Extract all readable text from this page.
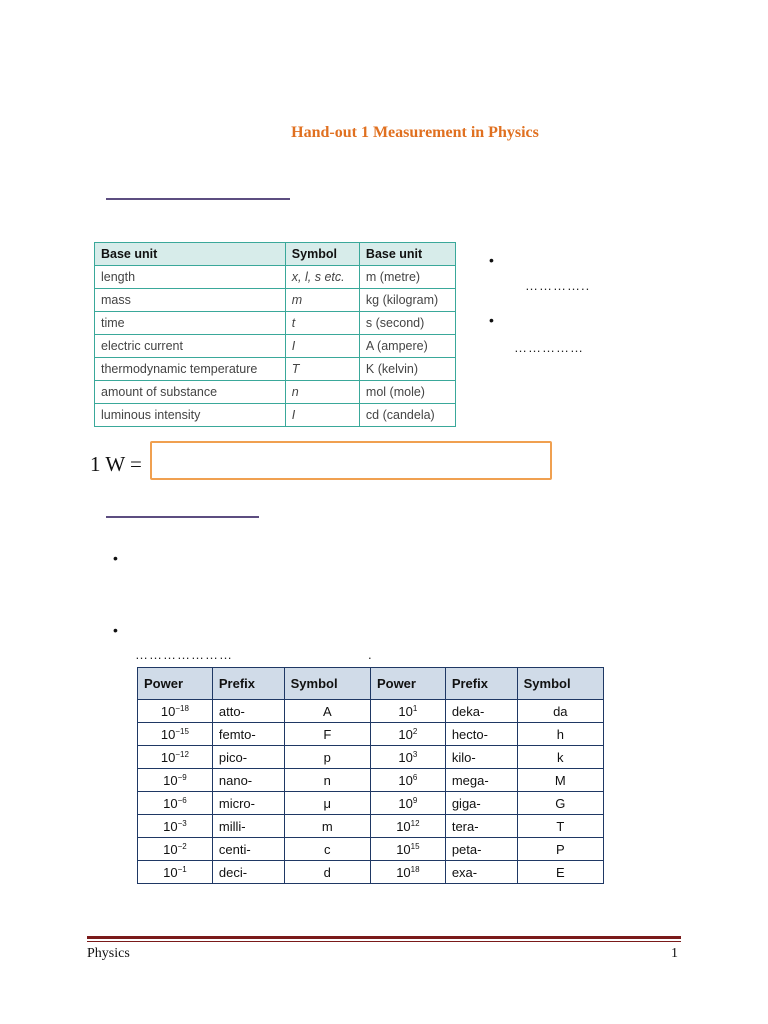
Hand-out 1 Measurement in Physics
Base unit	Symbol	Base unit
length	x, l, s etc.	m (metre)
mass	m	kg (kilogram)
time	t	s (second)
electric current	I	A (ampere)
thermodynamic temperature	T	K (kelvin)
amount of substance	n	mol (mole)
luminous intensity	I	cd (candela)
•
…………..
•
……………
1 W =
•
•
…………………	.
Power	Prefix	Symbol	Power	Prefix	Symbol
$10^{-18}$	atto-	A	$10^1$	deka-	da
$10^{-15}$	femto-	F	$10^2$	hecto-	h
$10^{-12}$	pico-	p	$10^3$	kilo-	k
$10^{-9}$	nano-	n	$10^6$	mega-	M
$10^{-6}$	micro-	μ	$10^9$	giga-	G
$10^{-3}$	milli-	m	$10^{12}$	tera-	T
$10^{-2}$	centi-	c	$10^{15}$	peta-	P
$10^{-1}$	deci-	d	$10^{18}$	exa-	E
Physics	1
